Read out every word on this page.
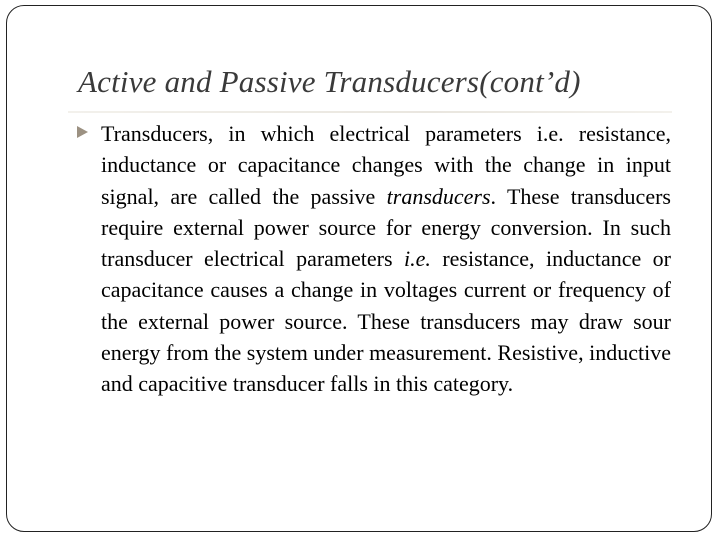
Active and Passive Transducers(cont’d)

Transducers, in which electrical parameters i.e. resistance, inductance or capacitance changes with the change in input signal, are called the passive transducers. These transducers require external power source for energy conversion. In such transducer electrical parameters i.e. resistance, inductance or capacitance causes a change in voltages current or frequency of the external power source. These transducers may draw sour energy from the system under measurement. Resistive, inductive and capacitive transducer falls in this category.
